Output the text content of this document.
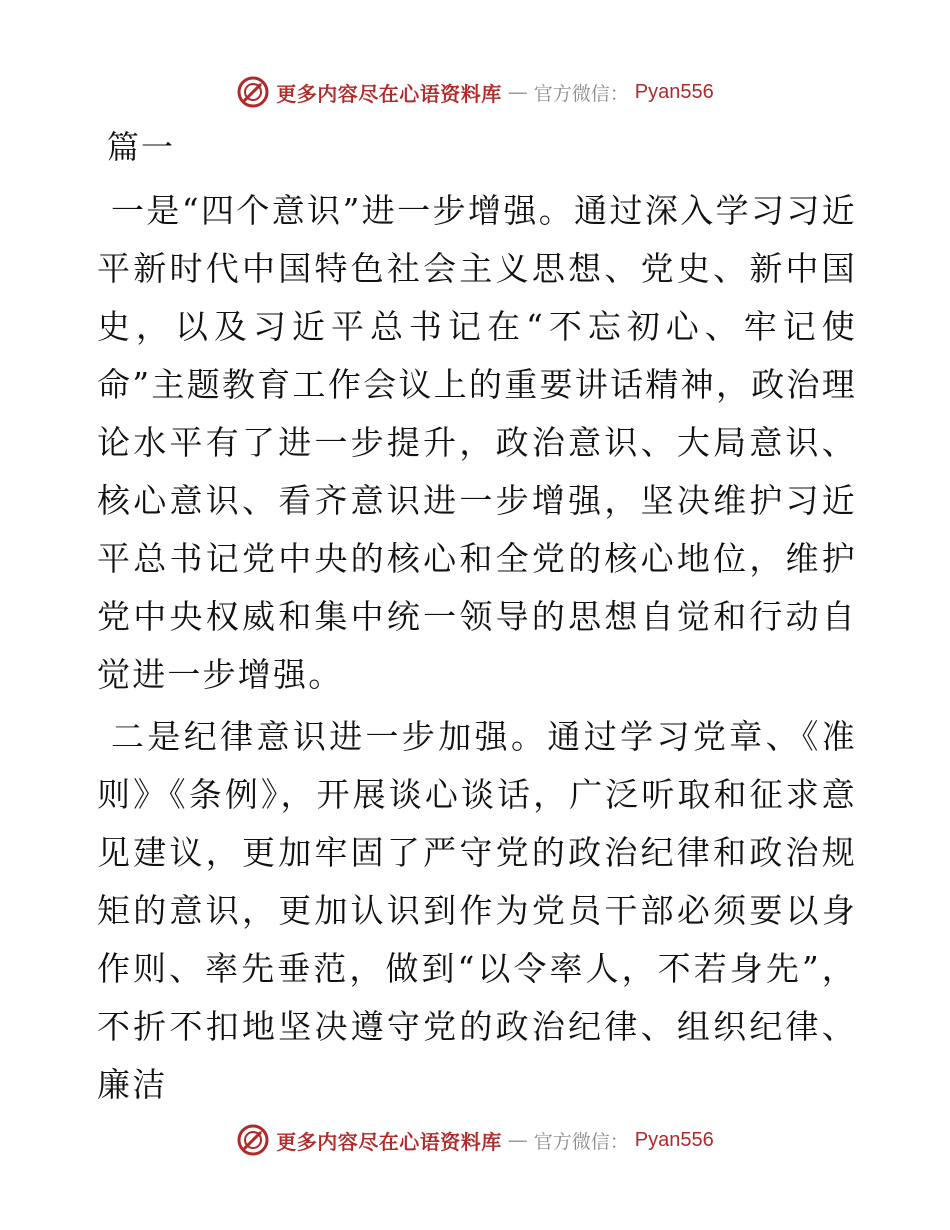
更多内容尽在心语资料库 — 官方微信： Pyan556
篇一

一是“四个意识”进一步增强。通过深入学习习近平新时代中国特色社会主义思想、党史、新中国史，以及习近平总书记在“不忘初心、牢记使命”主题教育工作会议上的重要讲话精神，政治理论水平有了进一步提升，政治意识、大局意识、核心意识、看齐意识进一步增强，坚决维护习近平总书记党中央的核心和全党的核心地位，维护党中央权威和集中统一领导的思想自觉和行动自觉进一步增强。

二是纪律意识进一步加强。通过学习党章、《准则》《条例》，开展谈心谈话，广泛听取和征求意见建议，更加牢固了严守党的政治纪律和政治规矩的意识，更加认识到作为党员干部必须要以身作则、率先垂范，做到“以令率人，不若身先”，不折不扣地坚决遵守党的政治纪律、组织纪律、廉洁

更多内容尽在心语资料库 — 官方微信： Pyan556
